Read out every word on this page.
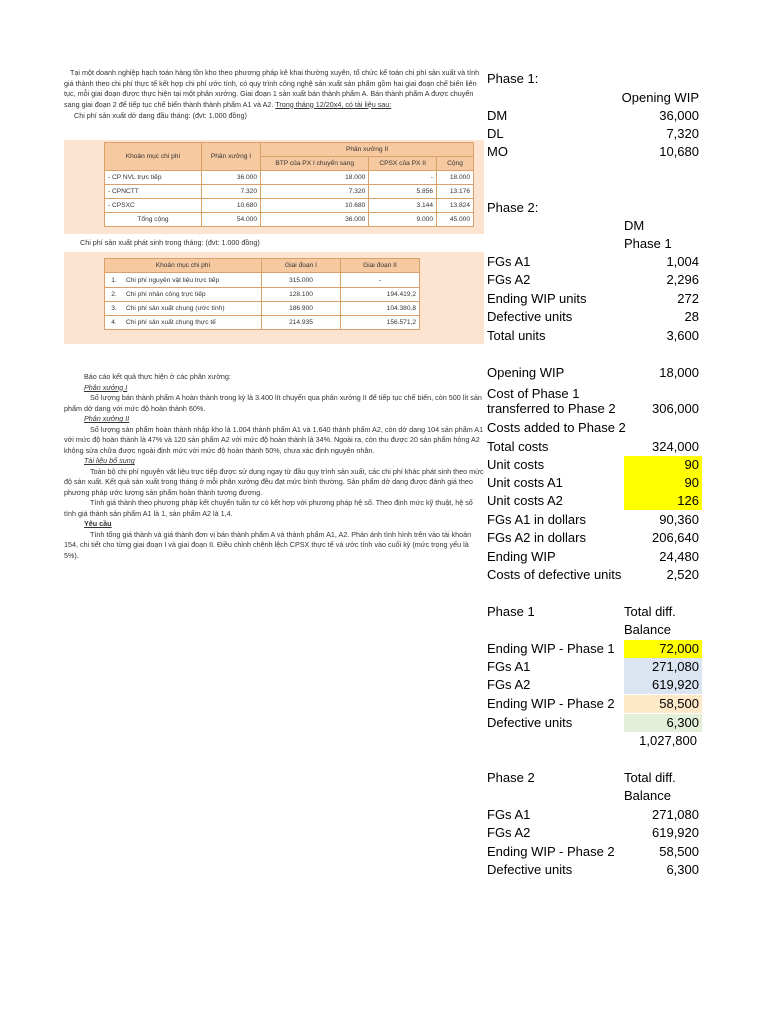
Tại một doanh nghiệp hạch toán hàng tồn kho theo phương pháp kê khai thường xuyên, tổ chức kế toán chi phí sản xuất và tính giá thành theo chi phí thực tế kết hợp chi phí ước tính, có quy trình công nghệ sản xuất sản phẩm gồm hai giai đoạn chế biến liên tục, mỗi giai đoạn được thực hiện tại một phân xưởng. Giai đoạn 1 sản xuất bán thành phẩm A. Bán thành phẩm A được chuyển sang giai đoạn 2 để tiếp tục chế biến thành thành phẩm A1 và A2. Trong tháng 12/20x4, có tài liệu sau:

Chi phí sản xuất dở dang đầu tháng: (đvt: 1.000 đồng)

Khoản mục chi phí	Phân xưởng I	Phân xưởng II		
		BTP của PX I chuyển sang	CPSX của PX II	Cộng
- CP NVL trực tiếp	36.000	18.000	-	18.000
- CPNCTT	7.320	7.320	5.856	13.176
- CPSXC	10.680	10.680	3.144	13.824
Tổng cộng	54.000	36.000	9.000	45.000
Chi phí sản xuất phát sinh trong tháng: (đvt: 1.000 đồng)
Khoản mục chi phí		Giai đoạn I	Giai đoạn II
1.	Chi phí nguyên vật liệu trực tiếp	315.000	-
2.	Chi phí nhân công trực tiếp	128.100	194.419,2
3.	Chi phí sản xuất chung (ước tính)	186.900	104.380,8
4.	Chi phí sản xuất chung thực tế	214.935	156.571,2

Báo cáo kết quả thực hiện ở các phân xưởng:

Phân xưởng I

Số lượng bán thành phẩm A hoàn thành trong kỳ là 3.400 lít chuyển qua phân xưởng II để tiếp tục chế biến, còn 500 lít sản phẩm dở dang với mức độ hoàn thành 60%.

Phân xưởng II

Số lượng sản phẩm hoàn thành nhập kho là 1.004 thành phẩm A1 và 1.640 thành phẩm A2, còn dở dang 104 sản phẩm A1 với mức độ hoàn thành là 47% và 120 sản phẩm A2 với mức độ hoàn thành là 34%. Ngoài ra, còn thu được 20 sản phẩm hỏng A2 không sửa chữa được ngoài định mức với mức độ hoàn thành 50%, chưa xác định nguyên nhân.

Tài liệu bổ sung

Toàn bộ chi phí nguyên vật liệu trực tiếp được sử dụng ngay từ đầu quy trình sản xuất, các chi phí khác phát sinh theo mức độ sản xuất. Kết quả sản xuất trong tháng ở mỗi phân xưởng đều đạt mức bình thường. Sản phẩm dở dang được đánh giá theo phương pháp ước lượng sản phẩm hoàn thành tương đương.

Tính giá thành theo phương pháp kết chuyển tuần tự có kết hợp với phương pháp hệ số. Theo định mức kỹ thuật, hệ số tính giá thành sản phẩm A1 là 1, sản phẩm A2 là 1,4.

Yêu cầu

Tính tổng giá thành và giá thành đơn vị bán thành phẩm A và thành phẩm A1, A2. Phản ánh tình hình trên vào tài khoản 154, chi tiết cho từng giai đoạn I và giai đoạn II. Điều chỉnh chênh lệch CPSX thực tế và ước tính vào cuối kỳ (mức trọng yếu là 5%).

Phase 1:
Opening WIP
DM	36,000
DL	7,320
MO	10,680
Phase 2:
DM
Phase 1
FGs A1	1,004
FGs A2	2,296
Ending WIP units	272
Defective units	28
Total units	3,600
Opening WIP	18,000
Cost of Phase 1
transferred to Phase 2	306,000
Costs added to Phase 2
Total costs	324,000
Unit costs	90
Unit costs A1	90
Unit costs A2	126
FGs A1 in dollars	90,360
FGs A2 in dollars	206,640
Ending WIP	24,480
Costs of defective units	2,520
Phase 1	Total diff.
Balance
Ending WIP - Phase 1	72,000
FGs A1	271,080
FGs A2	619,920
Ending WIP - Phase 2	58,500
Defective units	6,300
1,027,800
Phase 2	Total diff.
Balance
FGs A1	271,080
FGs A2	619,920
Ending WIP - Phase 2	58,500
Defective units	6,300
